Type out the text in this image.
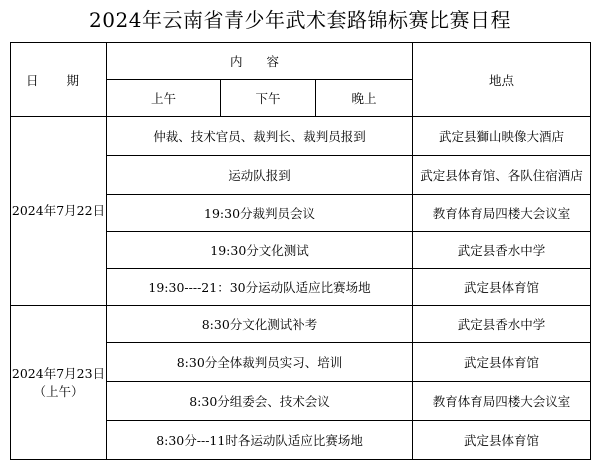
2024年云南省青少年武术套路锦标赛比赛日程
日 期	内 容			地点
	上午	下午	晚上	
2024年7月22日	仲裁、技术官员、裁判长、裁判员报到			武定县獅山映像大酒店
	运动队报到			武定县体育馆、各队住宿酒店
	19:30分裁判员会议			教育体育局四楼大会议室
	19:30分文化测试			武定县香水中学
	19:30----21：30分运动队适应比赛场地			武定县体育馆
2024年7月23日
（上午）	8:30分文化测试补考			武定县香水中学
	8:30分全体裁判员实习、培训			武定县体育馆
	8:30分组委会、技术会议			教育体育局四楼大会议室
	8:30分---11时各运动队适应比赛场地			武定县体育馆
